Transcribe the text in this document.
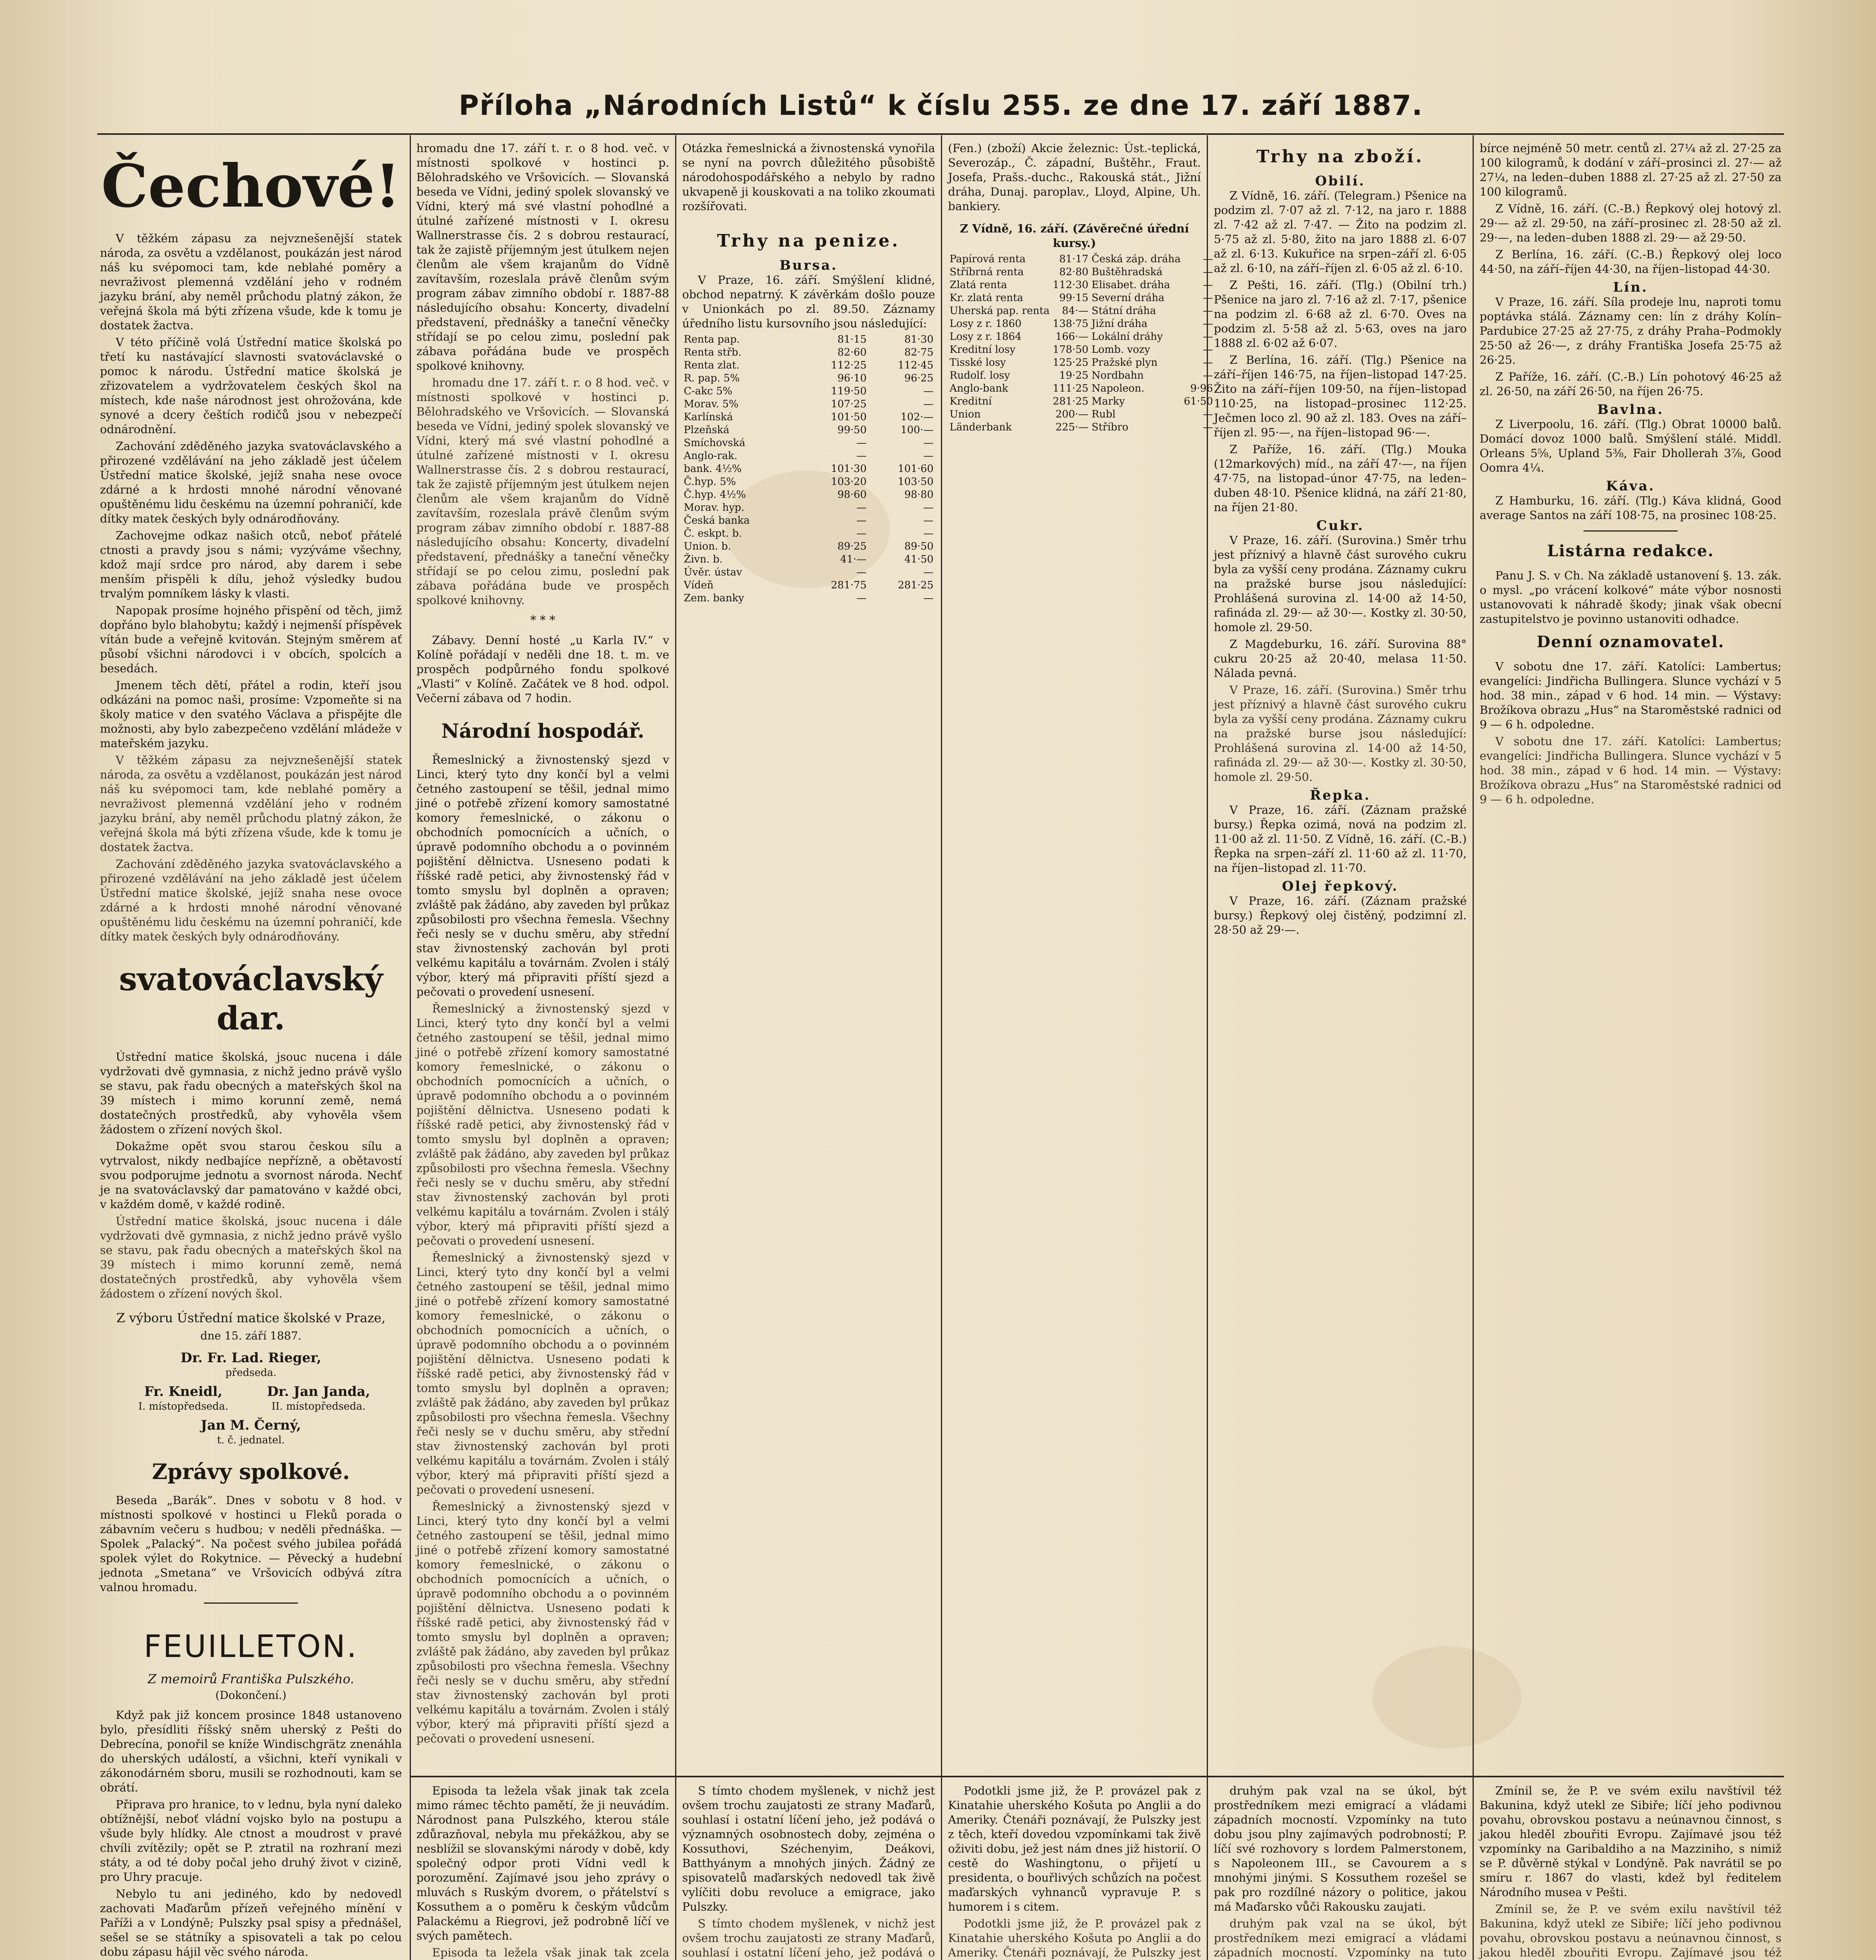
Příloha „Národních Listů“ k číslu 255. ze dne 17. září 1887.
Čechové!

V těžkém zápasu za nejvznešenější statek národa, za osvětu a vzdělanost, poukázán jest národ náš ku svépomoci tam, kde neblahé poměry a nevraživost plemenná vzdělání jeho v rodném jazyku brání, aby neměl průchodu platný zákon, že veřejná škola má býti zřízena všude, kde k tomu je dostatek žactva.

V této příčině volá Ústřední matice školská po třetí ku nastávající slavnosti svatováclavské o pomoc k národu. Ústřední matice školská je zřizovatelem a vydržovatelem českých škol na místech, kde naše národnost jest ohrožována, kde synové a dcery češtích rodičů jsou v nebezpečí odnárodnění.

Zachování zděděného jazyka svatováclavského a přirozené vzdělávání na jeho základě jest účelem Ústřední matice školské, jejíž snaha nese ovoce zdárné a k hrdosti mnohé národní věnované opuštěnému lidu českému na územní pohraničí, kde dítky matek českých byly odnárodňovány.

Zachovejme odkaz našich otců, neboť přátelé ctnosti a pravdy jsou s námi; vyzýváme všechny, kdož mají srdce pro národ, aby darem i sebe menším přispěli k dílu, jehož výsledky budou trvalým pomníkem lásky k vlasti.

Napopak prosíme hojného přispění od těch, jimž dopřáno bylo blahobytu; každý i nejmenší příspěvek vítán bude a veřejně kvitován. Stejným směrem ať působí všichni národovci i v obcích, spolcích a besedách.

Jmenem těch dětí, přátel a rodin, kteří jsou odkázáni na pomoc naši, prosíme: Vzpomeňte si na školy matice v den svatého Václava a přispějte dle možnosti, aby bylo zabezpečeno vzdělání mládeže v mateřském jazyku.

V těžkém zápasu za nejvznešenější statek národa, za osvětu a vzdělanost, poukázán jest národ náš ku svépomoci tam, kde neblahé poměry a nevraživost plemenná vzdělání jeho v rodném jazyku brání, aby neměl průchodu platný zákon, že veřejná škola má býti zřízena všude, kde k tomu je dostatek žactva.

Zachování zděděného jazyka svatováclavského a přirozené vzdělávání na jeho základě jest účelem Ústřední matice školské, jejíž snaha nese ovoce zdárné a k hrdosti mnohé národní věnované opuštěnému lidu českému na územní pohraničí, kde dítky matek českých byly odnárodňovány.

svatováclavský dar.

Ústřední matice školská, jsouc nucena i dále vydržovati dvě gymnasia, z nichž jedno právě vyšlo se stavu, pak řadu obecných a mateřských škol na 39 místech i mimo korunní země, nemá dostatečných prostředků, aby vyhověla všem žádostem o zřízení nových škol.

Dokažme opět svou starou českou sílu a vytrvalost, nikdy nedbajíce nepřízně, a obětavostí svou podporujme jednotu a svornost národa. Nechť je na svatováclavský dar pamatováno v každé obci, v každém domě, v každé rodině.

Ústřední matice školská, jsouc nucena i dále vydržovati dvě gymnasia, z nichž jedno právě vyšlo se stavu, pak řadu obecných a mateřských škol na 39 místech i mimo korunní země, nemá dostatečných prostředků, aby vyhověla všem žádostem o zřízení nových škol.

Z výboru Ústřední matice školské v Praze,
dne 15. září 1887.
Dr. Fr. Lad. Rieger,
předseda.
Fr. Kneidl,
I. místopředseda.
Dr. Jan Janda,
II. místopředseda.
Jan M. Černý,
t. č. jednatel.
Zprávy spolkové.

Beseda „Barák“. Dnes v sobotu v 8 hod. v místnosti spolkové v hostinci u Fleků porada o zábavním večeru s hudbou; v neděli přednáška. — Spolek „Palacký“. Na počest svého jubilea pořádá spolek výlet do Rokytnice. — Pěvecký a hudební jednota „Smetana“ ve Vršovicích odbývá zítra valnou hromadu.

FEUILLETON.
Z memoirů Františka Pulszkého.
(Dokončení.)

Když pak již koncem prosince 1848 ustanoveno bylo, přesídliti říšský sněm uherský z Pešti do Debrecína, ponořil se kníže Windischgrätz znenáhla do uherských událostí, a všichni, kteří vynikali v zákonodárném sboru, musili se rozhodnouti, kam se obrátí.

Připrava pro hranice, to v lednu, byla nyní daleko obtížnější, neboť vládní vojsko bylo na postupu a všude byly hlídky. Ale ctnost a moudrost v pravé chvíli zvítězily; opět se P. ztratil na rozhraní mezi státy, a od té doby počal jeho druhý život v cizině, pro Uhry pracuje.

Nebylo tu ani jediného, kdo by nedovedl zachovati Maďarům přízeň veřejného mínění v Paříži a v Londýně; Pulszky psal spisy a přednášel, sešel se se státníky a spisovateli a tak po celou dobu zápasu hájil věc svého národa.

hromadu dne 17. září t. r. o 8 hod. več. v místnosti spolkové v hostinci p. Bělohradského ve Vršovicích. — Slovanská beseda ve Vídni, jediný spolek slovanský ve Vídni, který má své vlastní pohodlné a útulné zařízené místnosti v I. okresu Wallnerstrasse čís. 2 s dobrou restaurací, tak že zajistě příjemným jest útulkem nejen členům ale všem krajanům do Vídně zavítavším, rozeslala právě členům svým program zábav zimního období r. 1887-88 následujícího obsahu: Koncerty, divadelní představení, přednášky a taneční věnečky střídají se po celou zimu, poslední pak zábava pořádána bude ve prospěch spolkové knihovny.

hromadu dne 17. září t. r. o 8 hod. več. v místnosti spolkové v hostinci p. Bělohradského ve Vršovicích. — Slovanská beseda ve Vídni, jediný spolek slovanský ve Vídni, který má své vlastní pohodlné a útulné zařízené místnosti v I. okresu Wallnerstrasse čís. 2 s dobrou restaurací, tak že zajistě příjemným jest útulkem nejen členům ale všem krajanům do Vídně zavítavším, rozeslala právě členům svým program zábav zimního období r. 1887-88 následujícího obsahu: Koncerty, divadelní představení, přednášky a taneční věnečky střídají se po celou zimu, poslední pak zábava pořádána bude ve prospěch spolkové knihovny.

* * *

Zábavy. Denní hosté „u Karla IV.“ v Kolíně pořádají v neděli dne 18. t. m. ve prospěch podpůrného fondu spolkové „Vlasti“ v Kolíně. Začátek ve 8 hod. odpol. Večerní zábava od 7 hodin.

Národní hospodář.

Řemeslnický a živnostenský sjezd v Linci, který tyto dny končí byl a velmi četného zastoupení se těšil, jednal mimo jiné o potřebě zřízení komory samostatné komory řemeslnické, o zákonu o obchodních pomocnících a učních, o úpravě podomního obchodu a o povinném pojištění dělnictva. Usneseno podati k říšské radě petici, aby živnostenský řád v tomto smyslu byl doplněn a opraven; zvláště pak žádáno, aby zaveden byl průkaz způsobilosti pro všechna řemesla. Všechny řeči nesly se v duchu směru, aby střední stav živnostenský zachován byl proti velkému kapitálu a továrnám. Zvolen i stálý výbor, který má připraviti příští sjezd a pečovati o provedení usnesení.

Řemeslnický a živnostenský sjezd v Linci, který tyto dny končí byl a velmi četného zastoupení se těšil, jednal mimo jiné o potřebě zřízení komory samostatné komory řemeslnické, o zákonu o obchodních pomocnících a učních, o úpravě podomního obchodu a o povinném pojištění dělnictva. Usneseno podati k říšské radě petici, aby živnostenský řád v tomto smyslu byl doplněn a opraven; zvláště pak žádáno, aby zaveden byl průkaz způsobilosti pro všechna řemesla. Všechny řeči nesly se v duchu směru, aby střední stav živnostenský zachován byl proti velkému kapitálu a továrnám. Zvolen i stálý výbor, který má připraviti příští sjezd a pečovati o provedení usnesení.

Řemeslnický a živnostenský sjezd v Linci, který tyto dny končí byl a velmi četného zastoupení se těšil, jednal mimo jiné o potřebě zřízení komory samostatné komory řemeslnické, o zákonu o obchodních pomocnících a učních, o úpravě podomního obchodu a o povinném pojištění dělnictva. Usneseno podati k říšské radě petici, aby živnostenský řád v tomto smyslu byl doplněn a opraven; zvláště pak žádáno, aby zaveden byl průkaz způsobilosti pro všechna řemesla. Všechny řeči nesly se v duchu směru, aby střední stav živnostenský zachován byl proti velkému kapitálu a továrnám. Zvolen i stálý výbor, který má připraviti příští sjezd a pečovati o provedení usnesení.

Řemeslnický a živnostenský sjezd v Linci, který tyto dny končí byl a velmi četného zastoupení se těšil, jednal mimo jiné o potřebě zřízení komory samostatné komory řemeslnické, o zákonu o obchodních pomocnících a učních, o úpravě podomního obchodu a o povinném pojištění dělnictva. Usneseno podati k říšské radě petici, aby živnostenský řád v tomto smyslu byl doplněn a opraven; zvláště pak žádáno, aby zaveden byl průkaz způsobilosti pro všechna řemesla. Všechny řeči nesly se v duchu směru, aby střední stav živnostenský zachován byl proti velkému kapitálu a továrnám. Zvolen i stálý výbor, který má připraviti příští sjezd a pečovati o provedení usnesení.

Episoda ta ležela však jinak tak zcela mimo rámec těchto pamětí, že ji neuvádím. Národnost pana Pulszkého, kterou stále zdůrazňoval, nebyla mu překážkou, aby se nesblížil se slovanskými národy v době, kdy společný odpor proti Vídni vedl k porozumění. Zajímavé jsou jeho zprávy o mluvách s Ruským dvorem, o přátelství s Kossuthem a o poměru k českým vůdcům Palackému a Riegrovi, jež podrobně líčí ve svých pamětech.

Episoda ta ležela však jinak tak zcela

Otázka řemeslnická a živnostenská vynořila se nyní na povrch důležitého působiště národohospodářského a nebylo by radno ukvapeně ji kouskovati a na toliko zkoumati rozšířovati.

Trhy na penize.
Bursa.

V Praze, 16. září. Smýšlení klidné, obchod nepatrný. K závěrkám došlo pouze v Unionkách po zl. 89.50. Záznamy úředního listu kursovního jsou následující:

Renta pap.	81·15	81·30
Renta střb.	82·60	82·75
Renta zlat.	112·25	112·45
R. pap. 5%	96·10	96·25
C-akc 5%	119·50	—
Morav. 5%	107·25	—
Karlínská	101·50	102·—
Plzeňská	99·50	100·—
Smíchovská	—	—
Anglo-rak.	—	—
bank. 4½%	101·30	101·60
Č.hyp. 5%	103·20	103·50
Č.hyp. 4½%	98·60	98·80
Morav. hyp.	—	—
Česká banka	—	—
Č. eskpt. b.	—	—
Union. b.	89·25	89·50
Živn. b.	41·—	41·50
Úvěr. ústav	—	—
Vídeň	281·75	281·25
Zem. banky	—	—

S tímto chodem myšlenek, v nichž jest ovšem trochu zaujatosti ze strany Maďarů, souhlasí i ostatní líčení jeho, jež podává o významných osobnostech doby, zejména o Kossuthovi, Széchenyim, Deákovi, Batthyánym a mnohých jiných. Žádný ze spisovatelů maďarských nedovedl tak živě vylíčiti dobu revoluce a emigrace, jako Pulszky.

S tímto chodem myšlenek, v nichž jest ovšem trochu zaujatosti ze strany Maďarů, souhlasí i ostatní líčení jeho, jež podává o

(Fen.) (zboží) Akcie železnic: Úst.-teplická, Severozáp., Č. západní, Buštěhr., Fraut. Josefa, Prašs.-duchc., Rakouská stát., Jižní dráha, Dunaj. paroplav., Lloyd, Alpine, Uh. bankiery.

Z Vídně, 16. září. (Závěrečné úřední kursy.)

Papírová renta	81·17	Česká záp. dráha	—
Stříbrná renta	82·80	Buštěhradská	—
Zlatá renta	112·30	Elisabet. dráha	—
Kr. zlatá renta	99·15	Severní dráha	—
Uherská pap. renta	84·—	Státní dráha	—
Losy z r. 1860	138·75	Jižní dráha	—
Losy z r. 1864	166·—	Lokální dráhy	—
Kreditní losy	178·50	Lomb. vozy	—
Tisské losy	125·25	Pražské plyn	—
Rudolf. losy	19·25	Nordbahn	—
Anglo-bank	111·25	Napoleon.	9·96
Kreditní	281·25	Marky	61·50
Union	200·—	Rubl	—
Länderbank	225·—	Stříbro	—

Podotkli jsme již, že P. provázel pak z Kinatahie uherského Košuta po Anglii a do Ameriky. Čtenáři poznávají, že Pulszky jest z těch, kteří dovedou vzpomínkami tak živě oživiti dobu, jež jest nám dnes již historií. O cestě do Washingtonu, o přijetí u presidenta, o bouřlivých schůzích na počest maďarských vyhnanců vypravuje P. s humorem i s citem.

Podotkli jsme již, že P. provázel pak z Kinatahie uherského Košuta po Anglii a do Ameriky. Čtenáři poznávají, že Pulszky jest

Trhy na zboží.
Obilí.

Z Vídně, 16. září. (Telegram.) Pšenice na podzim zl. 7·07 až zl. 7·12, na jaro r. 1888 zl. 7·42 až zl. 7·47. — Žito na podzim zl. 5·75 až zl. 5·80, žito na jaro 1888 zl. 6·07 až zl. 6·13. Kukuřice na srpen–září zl. 6·05 až zl. 6·10, na září–říjen zl. 6·05 až zl. 6·10.

Z Pešti, 16. září. (Tlg.) (Obilní trh.) Pšenice na jaro zl. 7·16 až zl. 7·17, pšenice na podzim zl. 6·68 až zl. 6·70. Oves na podzim zl. 5·58 až zl. 5·63, oves na jaro 1888 zl. 6·02 až 6·07.

Z Berlína, 16. září. (Tlg.) Pšenice na září–říjen 146·75, na říjen–listopad 147·25. Žito na září–říjen 109·50, na říjen–listopad 110·25, na listopad–prosinec 112·25. Ječmen loco zl. 90 až zl. 183. Oves na září–říjen zl. 95·—, na říjen–listopad 96·—.

Z Paříže, 16. září. (Tlg.) Mouka (12markových) míd., na září 47·—, na říjen 47·75, na listopad–únor 47·75, na leden–duben 48·10. Pšenice klidná, na září 21·80, na říjen 21·80.

Cukr.

V Praze, 16. září. (Surovina.) Směr trhu jest příznivý a hlavně část surového cukru byla za vyšší ceny prodána. Záznamy cukru na pražské burse jsou následující: Prohlášená surovina zl. 14·00 až 14·50, rafináda zl. 29·— až 30·—. Kostky zl. 30·50, homole zl. 29·50.

Z Magdeburku, 16. září. Surovina 88° cukru 20·25 až 20·40, melasa 11·50. Nálada pevná.

V Praze, 16. září. (Surovina.) Směr trhu jest příznivý a hlavně část surového cukru byla za vyšší ceny prodána. Záznamy cukru na pražské burse jsou následující: Prohlášená surovina zl. 14·00 až 14·50, rafináda zl. 29·— až 30·—. Kostky zl. 30·50, homole zl. 29·50.

Řepka.

V Praze, 16. září. (Záznam pražské bursy.) Řepka ozimá, nová na podzim zl. 11·00 až zl. 11·50. Z Vídně, 16. září. (C.-B.) Řepka na srpen–září zl. 11·60 až zl. 11·70, na říjen–listopad zl. 11·70.

Olej řepkový.

V Praze, 16. září. (Záznam pražské bursy.) Řepkový olej čistěný, podzimní zl. 28·50 až 29·—.

druhým pak vzal na se úkol, být prostředníkem mezi emigrací a vládami západních mocností. Vzpomínky na tuto dobu jsou plny zajímavých podrobností; P. líčí své rozhovory s lordem Palmerstonem, s Napoleonem III., se Cavourem a s mnohými jinými. S Kossuthem rozešel se pak pro rozdílné názory o politice, jakou má Maďarsko vůči Rakousku zaujati.

druhým pak vzal na se úkol, být prostředníkem mezi emigrací a vládami západních mocností. Vzpomínky na tuto

bírce nejméně 50 metr. centů zl. 27¼ až zl. 27·25 za 100 kilogramů, k dodání v září–prosinci zl. 27·— až 27¼, na leden–duben 1888 zl. 27·25 až zl. 27·50 za 100 kilogramů.

Z Vídně, 16. září. (C.-B.) Řepkový olej hotový zl. 29·— až zl. 29·50, na září–prosinec zl. 28·50 až zl. 29·—, na leden–duben 1888 zl. 29·— až 29·50.

Z Berlína, 16. září. (C.-B.) Řepkový olej loco 44·50, na září–říjen 44·30, na říjen–listopad 44·30.

Lín.

V Praze, 16. září. Síla prodeje lnu, naproti tomu poptávka stálá. Záznamy cen: lín z dráhy Kolín–Pardubice 27·25 až 27·75, z dráhy Praha–Podmokly 25·50 až 26·—, z dráhy Františka Josefa 25·75 až 26·25.

Z Paříže, 16. září. (C.-B.) Lín pohotový 46·25 až zl. 26·50, na září 26·50, na říjen 26·75.

Bavlna.

Z Liverpoolu, 16. září. (Tlg.) Obrat 10000 balů. Domácí dovoz 1000 balů. Smýšlení stálé. Middl. Orleans 5⅝, Upland 5⅜, Fair Dhollerah 3⅞, Good Oomra 4¼.

Káva.

Z Hamburku, 16. září. (Tlg.) Káva klidná, Good average Santos na září 108·75, na prosinec 108·25.

Listárna redakce.

Panu J. S. v Ch. Na základě ustanovení §. 13. zák. o mysl. „po vrácení kolkové“ máte výbor nosnosti ustanovovati k náhradě škody; jinak však obecní zastupitelstvo je povinno ustanoviti odhadce.

Denní oznamovatel.

V sobotu dne 17. září. Katolíci: Lambertus; evangelíci: Jindřicha Bullingera. Slunce vychází v 5 hod. 38 min., západ v 6 hod. 14 min. — Výstavy: Brožíkova obrazu „Hus“ na Staroměstské radnici od 9 — 6 h. odpoledne.

V sobotu dne 17. září. Katolíci: Lambertus; evangelíci: Jindřicha Bullingera. Slunce vychází v 5 hod. 38 min., západ v 6 hod. 14 min. — Výstavy: Brožíkova obrazu „Hus“ na Staroměstské radnici od 9 — 6 h. odpoledne.

Zmínil se, že P. ve svém exilu navštívil též Bakunina, když utekl ze Sibiře; líčí jeho podivnou povahu, obrovskou postavu a neúnavnou činnost, s jakou hleděl zbouřiti Evropu. Zajímavé jsou též vzpomínky na Garibaldiho a na Mazziniho, s nimiž se P. důvěrně stýkal v Londýně. Pak navrátil se po smíru r. 1867 do vlasti, kdež byl ředitelem Národního musea v Pešti.

Zmínil se, že P. ve svém exilu navštívil též Bakunina, když utekl ze Sibiře; líčí jeho podivnou povahu, obrovskou postavu a neúnavnou činnost, s jakou hleděl zbouřiti Evropu. Zajímavé jsou též
